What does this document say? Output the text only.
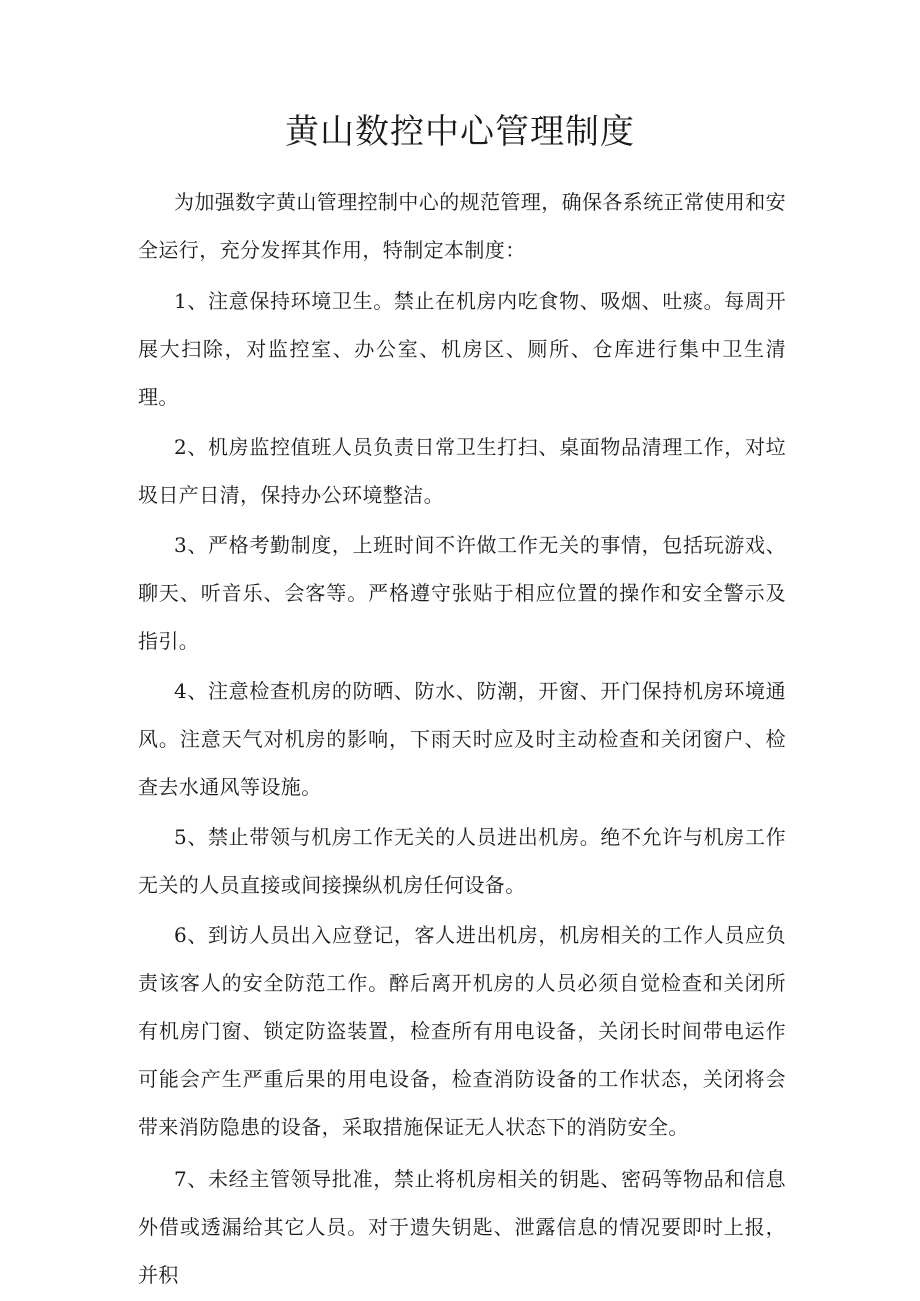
黄山数控中心管理制度

为加强数字黄山管理控制中心的规范管理，确保各系统正常使用和安全运行，充分发挥其作用，特制定本制度：

1、注意保持环境卫生。禁止在机房内吃食物、吸烟、吐痰。每周开展大扫除，对监控室、办公室、机房区、厕所、仓库进行集中卫生清理。

2、机房监控值班人员负责日常卫生打扫、桌面物品清理工作，对垃圾日产日清，保持办公环境整洁。

3、严格考勤制度，上班时间不许做工作无关的事情，包括玩游戏、聊天、听音乐、会客等。严格遵守张贴于相应位置的操作和安全警示及指引。

4、注意检查机房的防晒、防水、防潮，开窗、开门保持机房环境通风。注意天气对机房的影响，下雨天时应及时主动检查和关闭窗户、检查去水通风等设施。

5、禁止带领与机房工作无关的人员进出机房。绝不允许与机房工作无关的人员直接或间接操纵机房任何设备。

6、到访人员出入应登记，客人进出机房，机房相关的工作人员应负责该客人的安全防范工作。醉后离开机房的人员必须自觉检查和关闭所有机房门窗、锁定防盗装置，检查所有用电设备，关闭长时间带电运作可能会产生严重后果的用电设备，检查消防设备的工作状态，关闭将会带来消防隐患的设备，采取措施保证无人状态下的消防安全。

7、未经主管领导批准，禁止将机房相关的钥匙、密码等物品和信息外借或透漏给其它人员。对于遗失钥匙、泄露信息的情况要即时上报，并积
